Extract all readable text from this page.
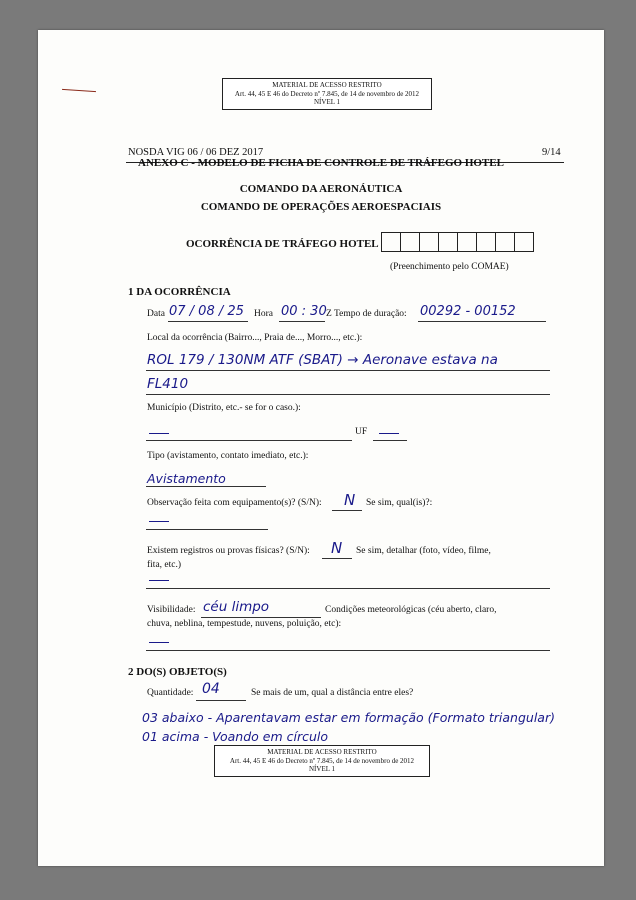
MATERIAL DE ACESSO RESTRITO
Art. 44, 45 E 46 do Decreto nº 7.845, de 14 de novembro de 2012
NÍVEL 1
NOSDA VIG 06 / 06 DEZ 2017	9/14
ANEXO C - MODELO DE FICHA DE CONTROLE DE TRÁFEGO HOTEL
COMANDO DA AERONÁUTICA
COMANDO DE OPERAÇÕES AEROESPACIAIS
OCORRÊNCIA DE TRÁFEGO HOTEL
(Preenchimento pelo COMAE)
1 DA OCORRÊNCIA
Data 07 / 08 / 25 Hora 00 : 30 Z Tempo de duração: 00292 - 00152
Local da ocorrência (Bairro..., Praia de..., Morro..., etc.):
ROL 179 / 130NM ATF (SBAT) → Aeronave estava na
FL410
Município (Distrito, etc.- se for o caso.):
UF
Tipo (avistamento, contato imediato, etc.):
Avistamento
Observação feita com equipamento(s)? (S/N): N Se sim, qual(is)?:
Existem registros ou provas físicas? (S/N): N Se sim, detalhar (foto, vídeo, filme,
fita, etc.)
Visibilidade: céu limpo	Condições meteorológicas (céu aberto, claro,
chuva, neblina, tempestude, nuvens, poluição, etc):
2 DO(S) OBJETO(S)
Quantidade: 04	Se mais de um, qual a distância entre eles?
03 abaixo - Aparentavam estar em formação (Formato triangular)
01 acima - Voando em círculo
MATERIAL DE ACESSO RESTRITO
Art. 44, 45 E 46 do Decreto nº 7.845, de 14 de novembro de 2012
NÍVEL 1
